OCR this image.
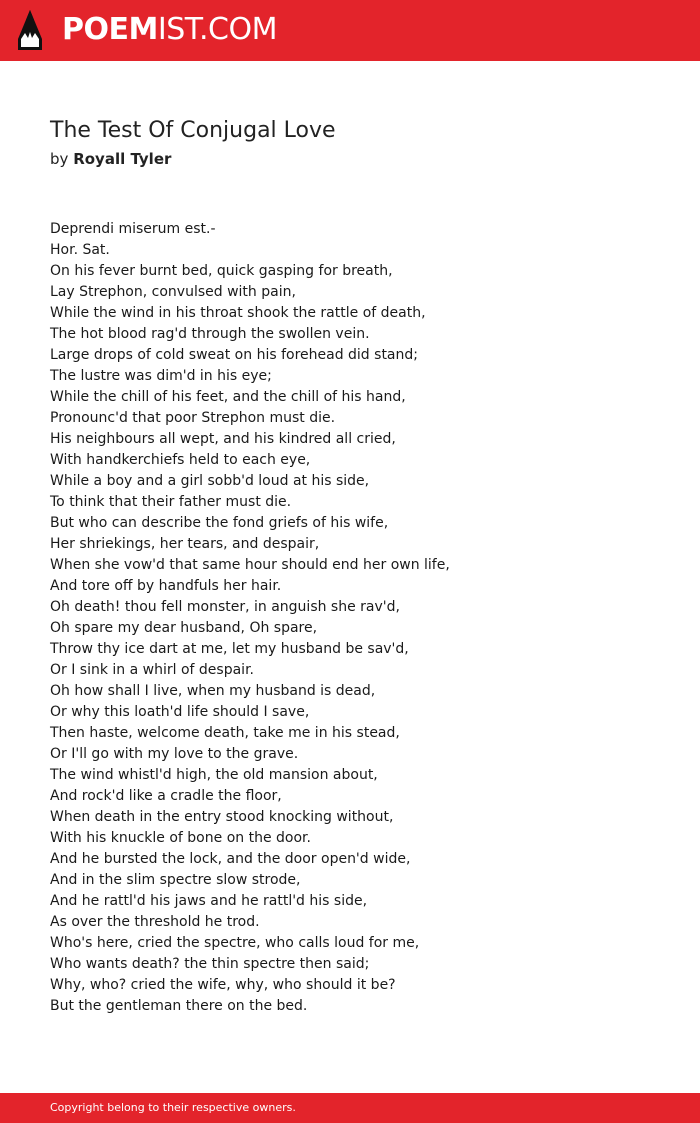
POEMIST.COM
The Test Of Conjugal Love
by Royall Tyler
Deprendi miserum est.-
Hor. Sat.
On his fever burnt bed, quick gasping for breath,
Lay Strephon, convulsed with pain,
While the wind in his throat shook the rattle of death,
The hot blood rag'd through the swollen vein.
Large drops of cold sweat on his forehead did stand;
The lustre was dim'd in his eye;
While the chill of his feet, and the chill of his hand,
Pronounc'd that poor Strephon must die.
His neighbours all wept, and his kindred all cried,
With handkerchiefs held to each eye,
While a boy and a girl sobb'd loud at his side,
To think that their father must die.
But who can describe the fond griefs of his wife,
Her shriekings, her tears, and despair,
When she vow'd that same hour should end her own life,
And tore off by handfuls her hair.
Oh death! thou fell monster, in anguish she rav'd,
Oh spare my dear husband, Oh spare,
Throw thy ice dart at me, let my husband be sav'd,
Or I sink in a whirl of despair.
Oh how shall I live, when my husband is dead,
Or why this loath'd life should I save,
Then haste, welcome death, take me in his stead,
Or I'll go with my love to the grave.
The wind whistl'd high, the old mansion about,
And rock'd like a cradle the floor,
When death in the entry stood knocking without,
With his knuckle of bone on the door.
And he bursted the lock, and the door open'd wide,
And in the slim spectre slow strode,
And he rattl'd his jaws and he rattl'd his side,
As over the threshold he trod.
Who's here, cried the spectre, who calls loud for me,
Who wants death? the thin spectre then said;
Why, who? cried the wife, why, who should it be?
But the gentleman there on the bed.
Copyright belong to their respective owners.
